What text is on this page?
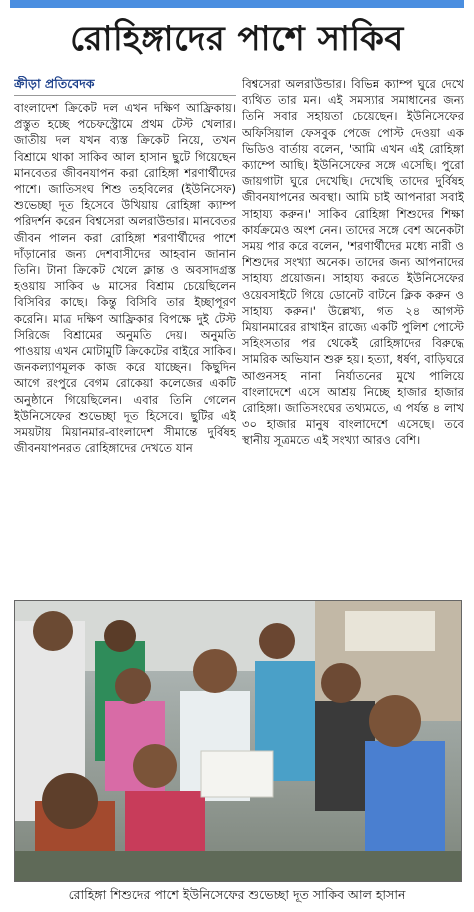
রোহিঙ্গাদের পাশে সাকিব

ক্রীড়া প্রতিবেদক

বাংলাদেশ ক্রিকেট দল এখন দক্ষিণ আফ্রিকায়। প্রস্তুত হচ্ছে পচেফস্ট্রোমে প্রথম টেস্ট খেলার। জাতীয় দল যখন ব্যস্ত ক্রিকেট নিয়ে, তখন বিশ্রামে থাকা সাকিব আল হাসান ছুটে গিয়েছেন মানবেতর জীবনযাপন করা রোহিঙ্গা শরণার্থীদের পাশে। জাতিসংঘ শিশু তহবিলের (ইউনিসেফ) শুভেচ্ছা দূত হিসেবে উখিয়ায় রোহিঙ্গা ক্যাম্প পরিদর্শন করেন বিশ্বসেরা অলরাউন্ডার। মানবেতর জীবন পালন করা রোহিঙ্গা শরণার্থীদের পাশে দাঁড়ানোর জন্য দেশবাসীদের আহবান জানান তিনি। টানা ক্রিকেট খেলে ক্লান্ত ও অবসাদগ্রস্ত হওয়ায় সাকিব ৬ মাসের বিশ্রাম চেয়েছিলেন বিসিবির কাছে। কিন্তু বিসিবি তার ইচ্ছাপূরণ করেনি। মাত্র দক্ষিণ আফ্রিকার বিপক্ষে দুই টেস্ট সিরিজে বিশ্রামের অনুমতি দেয়। অনুমতি পাওয়ায় এখন মোটামুটি ক্রিকেটের বাইরে সাকিব। জনকল্যাণমূলক কাজ করে যাচ্ছেন। কিছুদিন আগে রংপুরে বেগম রোকেয়া কলেজের একটি অনুষ্ঠানে গিয়েছিলেন। এবার তিনি গেলেন ইউনিসেফের শুভেচ্ছা দূত হিসেবে। ছুটির এই সময়টায় মিয়ানমার-বাংলাদেশ সীমান্তে দুর্বিষহ জীবনযাপনরত রোহিঙ্গাদের দেখতে যান

বিশ্বসেরা অলরাউন্ডার। বিভিন্ন ক্যাম্প ঘুরে দেখে ব্যথিত তার মন। এই সমস্যার সমাধানের জন্য তিনি সবার সহায়তা চেয়েছেন। ইউনিসেফের অফিসিয়াল ফেসবুক পেজে পোস্ট দেওয়া এক ভিডিও বার্তায় বলেন, 'আমি এখন এই রোহিঙ্গা ক্যাম্পে আছি। ইউনিসেফের সঙ্গে এসেছি। পুরো জায়গাটা ঘুরে দেখেছি। দেখেছি তাদের দুর্বিষহ জীবনযাপনের অবস্থা। আমি চাই আপনারা সবাই সাহায্য করুন।' সাকিব রোহিঙ্গা শিশুদের শিক্ষা কার্যক্রমেও অংশ নেন। তাদের সঙ্গে বেশ অনেকটা সময় পার করে বলেন, 'শরণার্থীদের মধ্যে নারী ও শিশুদের সংখ্যা অনেক। তাদের জন্য আপনাদের সাহায্য প্রয়োজন। সাহায্য করতে ইউনিসেফের ওয়েবসাইটে গিয়ে ডোনেট বাটনে ক্লিক করুন ও সাহায্য করুন।' উল্লেখ্য, গত ২৪ আগস্ট মিয়ানমারের রাখাইন রাজ্যে একটি পুলিশ পোস্টে সহিংসতার পর থেকেই রোহিঙ্গাদের বিরুদ্ধে সামরিক অভিযান শুরু হয়। হত্যা, ধর্ষণ, বাড়িঘরে আগুনসহ নানা নির্যাতনের মুখে পালিয়ে বাংলাদেশে এসে আশ্রয় নিচ্ছে হাজার হাজার রোহিঙ্গা। জাতিসংঘের তথ্যমতে, এ পর্যন্ত ৪ লাখ ৩০ হাজার মানুষ বাংলাদেশে এসেছে। তবে স্থানীয় সূত্রমতে এই সংখ্যা আরও বেশি।

রোহিঙ্গা শিশুদের পাশে ইউনিসেফের শুভেচ্ছা দূত সাকিব আল হাসান
